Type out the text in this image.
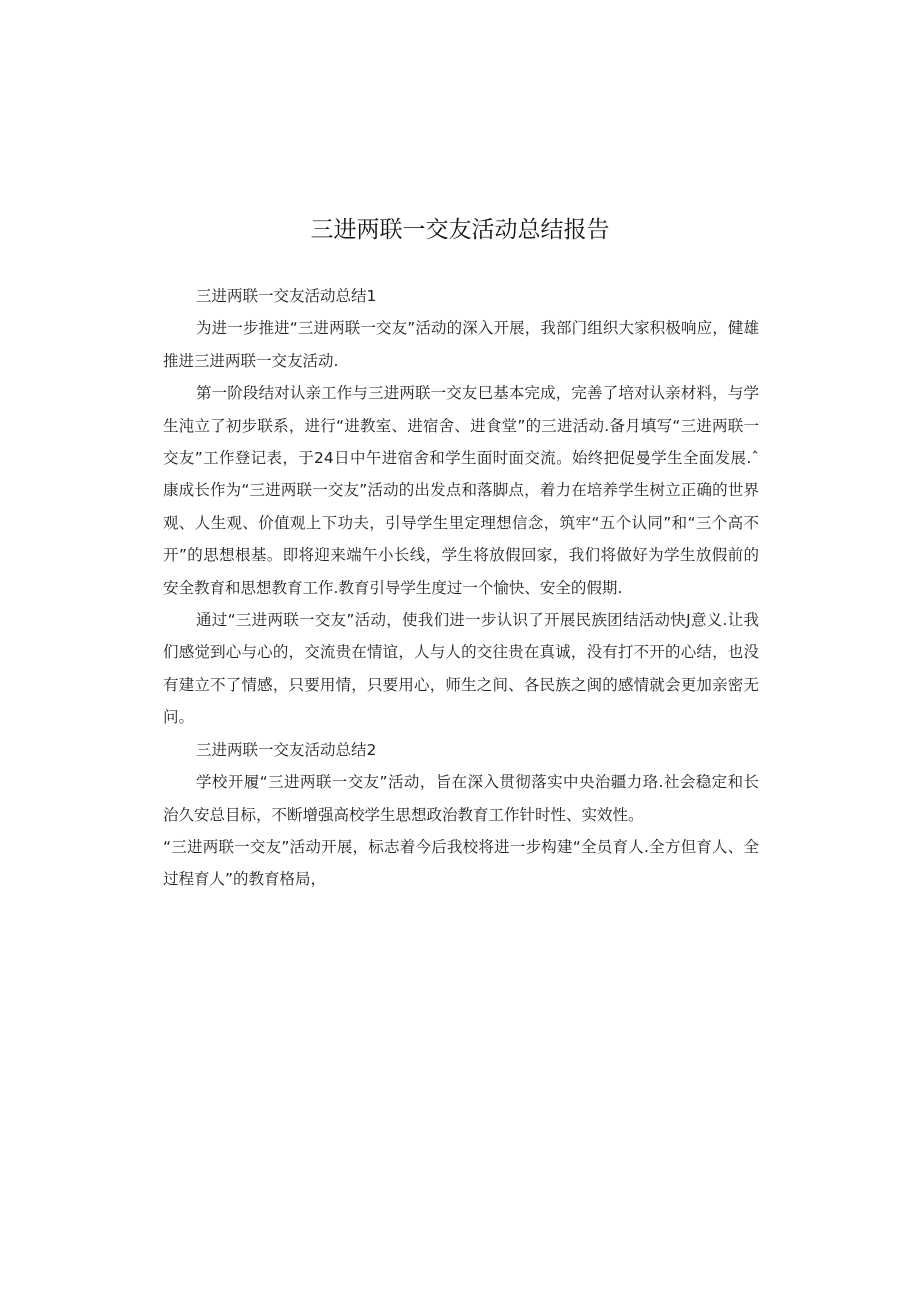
三进两联一交友活动总结报告

三进两联一交友活动总结1

为进一步推进“三进两联一交友”活动的深入开展，我部门组织大家积极响应，健雄推进三进两联一交友活动.

第一阶段结对认亲工作与三进两联一交友巳基本完成，完善了培对认亲材料，与学生沌立了初步联系，进行“进教室、进宿舍、进食堂”的三进活动.备月填写“三进两联一交友”工作登记表，于24日中午进宿舍和学生面时面交流。始终把促曼学生全面发展.ˆ康成长作为“三进两联一交友”活动的出发点和落脚点，着力在培养学生树立正确的世界观、人生观、价值观上下功夫，引导学生里定理想信念，筑牢“五个认同”和“三个高不开”的思想根基。即将迎来端午小长线，学生将放假回家，我们将做好为学生放假前的安全教育和思想教育工作.教育引导学生度过一个愉快、安全的假期.

通过“三进两联一交友”活动，使我们进一步认识了开展民族团结活动快J意义.让我们感觉到心与心的，交流贵在情谊，人与人的交往贵在真诚，没有打不开的心结，也没有建立不了情感，只要用情，只要用心，师生之间、各民族之闽的感情就会更加亲密无问。

三进两联一交友活动总结2

学校开履“三进两联一交友”活动，旨在深入贯彻落实中央治疆力珞.社会稳定和长治久安总目标，不断增强高校学生思想政治教育工作针时性、实效性。

“三进两联一交友”活动开展，标志着今后我校将进一步构建“全员育人.全方但育人、全过程育人”的教育格局，
